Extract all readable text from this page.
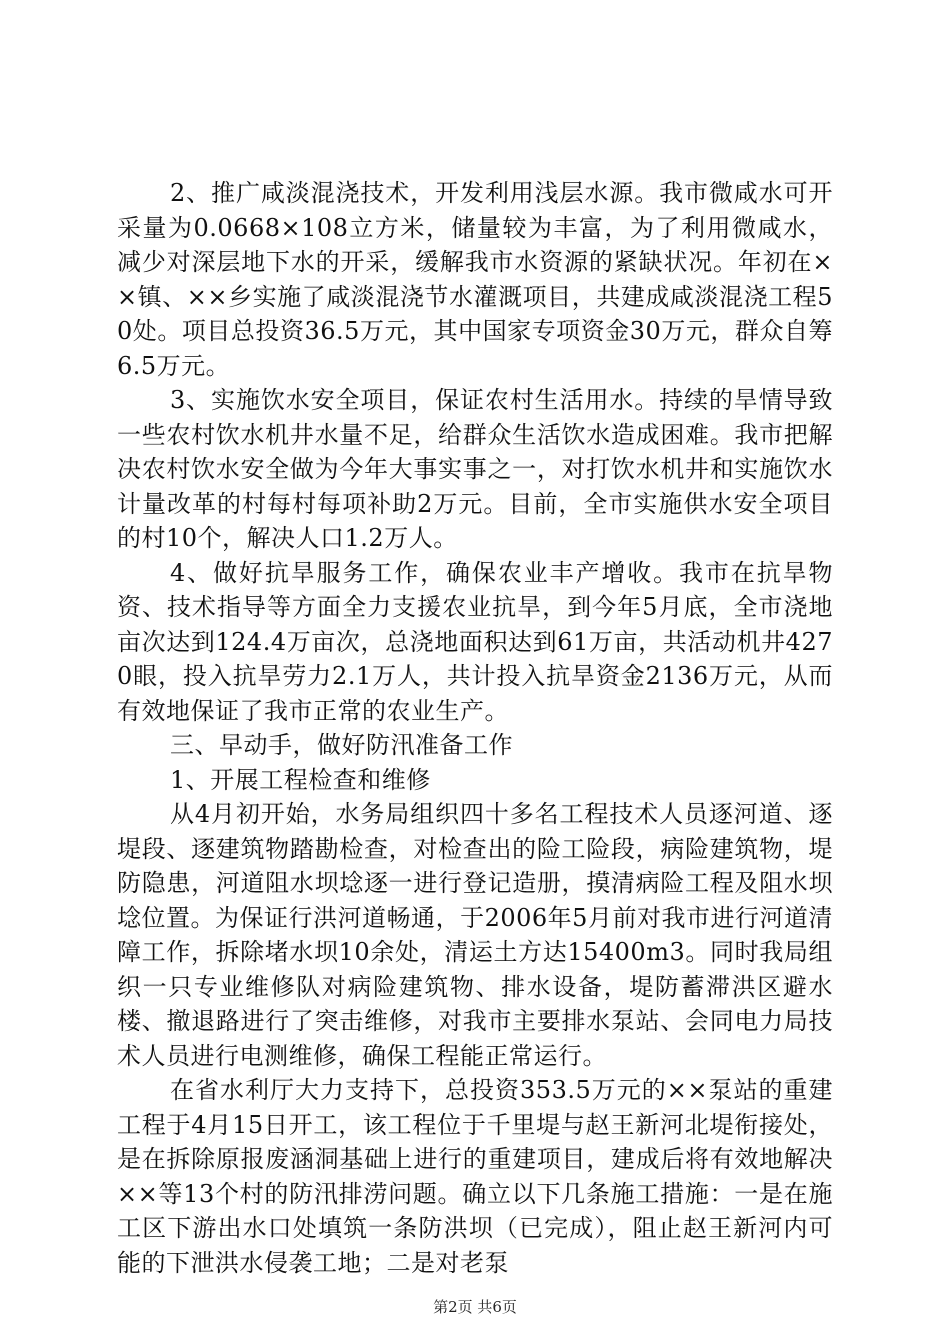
2、推广咸淡混浇技术，开发利用浅层水源。我市微咸水可开采量为0.0668×108立方米，储量较为丰富，为了利用微咸水，减少对深层地下水的开采，缓解我市水资源的紧缺状况。年初在××镇、××乡实施了咸淡混浇节水灌溉项目，共建成咸淡混浇工程50处。项目总投资36.5万元，其中国家专项资金30万元，群众自筹6.5万元。

3、实施饮水安全项目，保证农村生活用水。持续的旱情导致一些农村饮水机井水量不足，给群众生活饮水造成困难。我市把解决农村饮水安全做为今年大事实事之一，对打饮水机井和实施饮水计量改革的村每村每项补助2万元。目前，全市实施供水安全项目的村10个，解决人口1.2万人。

4、做好抗旱服务工作，确保农业丰产增收。我市在抗旱物资、技术指导等方面全力支援农业抗旱，到今年5月底，全市浇地亩次达到124.4万亩次，总浇地面积达到61万亩，共活动机井4270眼，投入抗旱劳力2.1万人，共计投入抗旱资金2136万元，从而有效地保证了我市正常的农业生产。

三、早动手，做好防汛准备工作

1、开展工程检查和维修

从4月初开始，水务局组织四十多名工程技术人员逐河道、逐堤段、逐建筑物踏勘检查，对检查出的险工险段，病险建筑物，堤防隐患，河道阻水坝埝逐一进行登记造册，摸清病险工程及阻水坝埝位置。为保证行洪河道畅通，于2006年5月前对我市进行河道清障工作，拆除堵水坝10余处，清运土方达15400m3。同时我局组织一只专业维修队对病险建筑物、排水设备，堤防蓄滞洪区避水楼、撤退路进行了突击维修，对我市主要排水泵站、会同电力局技术人员进行电测维修，确保工程能正常运行。

在省水利厅大力支持下，总投资353.5万元的××泵站的重建工程于4月15日开工，该工程位于千里堤与赵王新河北堤衔接处，是在拆除原报废涵洞基础上进行的重建项目，建成后将有效地解决××等13个村的防汛排涝问题。确立以下几条施工措施：一是在施工区下游出水口处填筑一条防洪坝（已完成），阻止赵王新河内可能的下泄洪水侵袭工地；二是对老泵

第2页 共6页
